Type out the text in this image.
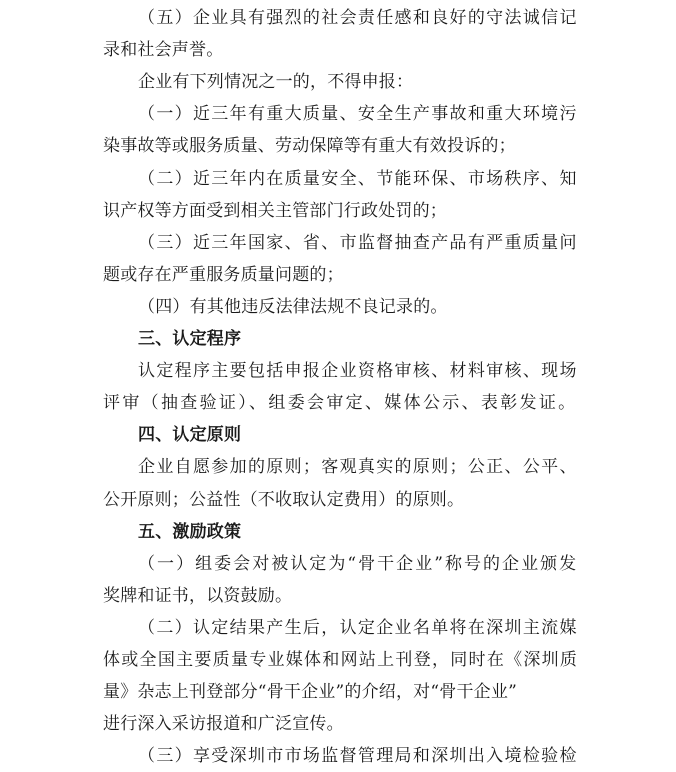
（五）企业具有强烈的社会责任感和良好的守法诚信记
录和社会声誉。
企业有下列情况之一的，不得申报：
（一）近三年有重大质量、安全生产事故和重大环境污
染事故等或服务质量、劳动保障等有重大有效投诉的；
（二）近三年内在质量安全、节能环保、市场秩序、知
识产权等方面受到相关主管部门行政处罚的；
（三）近三年国家、省、市监督抽查产品有严重质量问
题或存在严重服务质量问题的；
（四）有其他违反法律法规不良记录的。
三、认定程序
认定程序主要包括申报企业资格审核、材料审核、现场
评审（抽查验证）、组委会审定、媒体公示、表彰发证。
四、认定原则
企业自愿参加的原则；客观真实的原则；公正、公平、
公开原则；公益性（不收取认定费用）的原则。
五、激励政策
（一）组委会对被认定为“骨干企业”称号的企业颁发
奖牌和证书，以资鼓励。
（二）认定结果产生后，认定企业名单将在深圳主流媒
体或全国主要质量专业媒体和网站上刊登，同时在《深圳质
量》杂志上刊登部分“骨干企业”的介绍，对“骨干企业”
进行深入采访报道和广泛宣传。
（三）享受深圳市市场监督管理局和深圳出入境检验检
